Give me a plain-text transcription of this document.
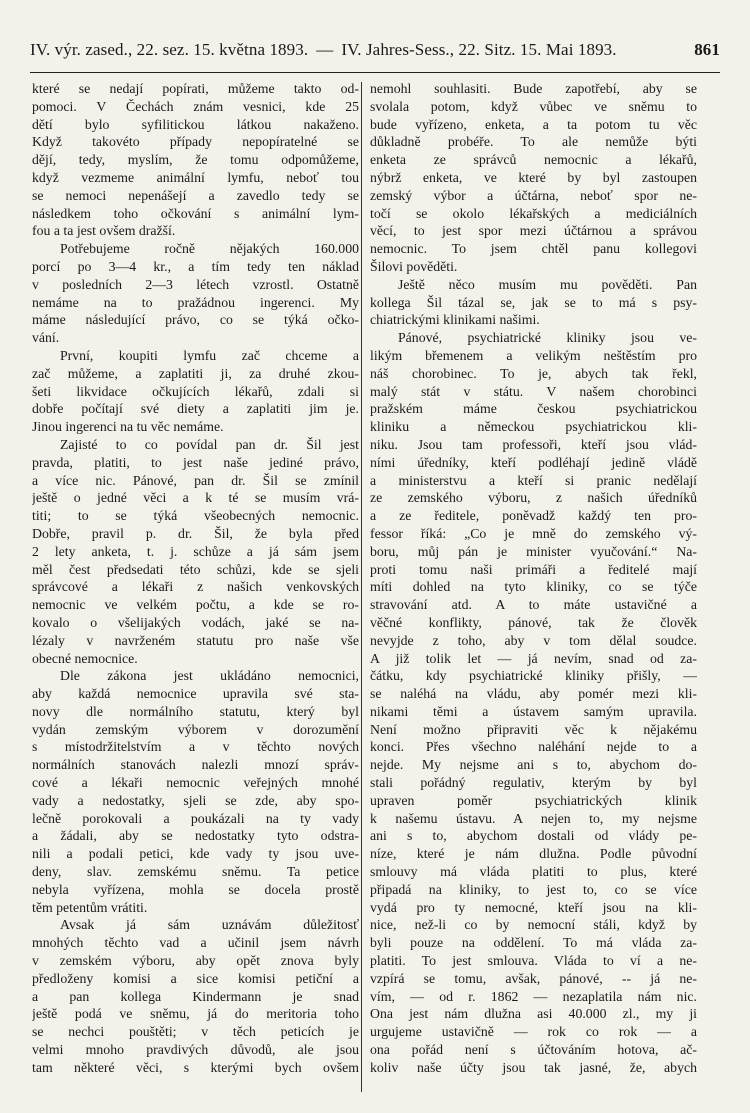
IV. výr. zased., 22. sez. 15. května 1893. — IV. Jahres-Sess., 22. Sitz. 15. Mai 1893.	861
které se nedají popírati, můžeme takto od-
pomoci. V Čechách znám vesnici, kde 25
dětí bylo syfilitickou látkou nakaženo.
Když takovéto případy nepopíratelné se
dějí, tedy, myslím, že tomu odpomůžeme,
když vezmeme animální lymfu, neboť tou
se nemoci nepenášejí a zavedlo tedy se
následkem toho očkování s animální lym-
fou a ta jest ovšem dražší.
Potřebujeme ročně nějakých 160.000
porcí po 3—4 kr., a tím tedy ten náklad
v posledních 2—3 létech vzrostl. Ostatně
nemáme na to pražádnou ingerenci. My
máme následující právo, co se týká očko-
vání.
První, koupiti lymfu zač chceme a
zač můžeme, a zaplatiti ji, za druhé zkou-
šeti likvidace očkujících lékařů, zdali si
dobře počítají své diety a zaplatiti jim je.
Jinou ingerenci na tu věc nemáme.
Zajisté to co povídal pan dr. Šil jest
pravda, platiti, to jest naše jediné právo,
a více nic. Pánové, pan dr. Šil se zmínil
ještě o jedné věci a k té se musím vrá-
titi; to se týká všeobecných nemocnic.
Dobře, pravil p. dr. Šil, že byla před
2 lety anketa, t. j. schůze a já sám jsem
měl čest předsedati této schůzi, kde se sjeli
správcové a lékaři z našich venkovských
nemocnic ve velkém počtu, a kde se ro-
kovalo o všelijakých vodách, jaké se na-
lézaly v navrženém statutu pro naše vše
obecné nemocnice.
Dle zákona jest ukládáno nemocnici,
aby každá nemocnice upravila své sta-
novy dle normálního statutu, který byl
vydán zemským výborem v dorozumění
s místodržitelstvím a v těchto nových
normálních stanovách nalezli mnozí správ-
cové a lékaři nemocnic veřejných mnohé
vady a nedostatky, sjeli se zde, aby spo-
lečně porokovali a poukázali na ty vady
a žádali, aby se nedostatky tyto odstra-
nili a podali petici, kde vady ty jsou uve-
deny, slav. zemskému sněmu. Ta petice
nebyla vyřízena, mohla se docela prostě
těm petentům vrátiti.
Avsak já sám uznávám důležitosť
mnohých těchto vad a učinil jsem návrh
v zemském výboru, aby opět znova byly
předloženy komisi a sice komisi petiční a
a pan kollega Kindermann je snad
ještě podá ve sněmu, já do meritoria toho
se nechci pouštěti; v těch peticích je
velmi mnoho pravdivých důvodů, ale jsou
tam některé věci, s kterými bych ovšem
nemohl souhlasiti. Bude zapotřebí, aby se
svolala potom, když vůbec ve sněmu to
bude vyřízeno, enketa, a ta potom tu věc
důkladně probéře. To ale nemůže býti
enketa ze správců nemocnic a lékařů,
nýbrž enketa, ve které by byl zastoupen
zemský výbor a účtárna, neboť spor ne-
točí se okolo lékařských a mediciálních
věcí, to jest spor mezi účtárnou a správou
nemocnic. To jsem chtěl panu kollegovi
Šilovi pověděti.
Ještě něco musím mu pověděti. Pan
kollega Šil tázal se, jak se to má s psy-
chiatrickými klinikami našimi.
Pánové, psychiatrické kliniky jsou ve-
likým břemenem a velikým neštěstím pro
náš chorobinec. To je, abych tak řekl,
malý stát v státu. V našem chorobinci
pražském máme českou psychiatrickou
kliniku a německou psychiatrickou kli-
niku. Jsou tam professoři, kteří jsou vlád-
ními úředníky, kteří podléhají jedině vládě
a ministerstvu a kteří si pranic nedělají
ze zemského výboru, z našich úředníků
a ze ředitele, poněvadž každý ten pro-
fessor říká: „Co je mně do zemského vý-
boru, můj pán je minister vyučování.“ Na-
proti tomu naši primáři a ředitelé mají
míti dohled na tyto kliniky, co se týče
stravování atd. A to máte ustavičné a
věčné konflikty, pánové, tak že člověk
nevyjde z toho, aby v tom dělal soudce.
A již tolik let — já nevím, snad od za-
čátku, kdy psychiatrické kliniky přišly, —
se naléhá na vládu, aby pomér mezi kli-
nikami těmi a ústavem samým upravila.
Není možno připraviti věc k nějakému
konci. Přes všechno naléhání nejde to a
nejde. My nejsme ani s to, abychom do-
stali pořádný regulativ, kterým by byl
upraven poměr psychiatrických klinik
k našemu ústavu. A nejen to, my nejsme
ani s to, abychom dostali od vlády pe-
níze, které je nám dlužna. Podle původní
smlouvy má vláda platiti to plus, které
připadá na kliniky, to jest to, co se více
vydá pro ty nemocné, kteří jsou na kli-
nice, než-li co by nemocní stáli, když by
byli pouze na oddělení. To má vláda za-
platiti. To jest smlouva. Vláda to ví a ne-
vzpírá se tomu, avšak, pánové, -- já ne-
vím, — od r. 1862 — nezaplatila nám nic.
Ona jest nám dlužna asi 40.000 zl., my ji
urgujeme ustavičně — rok co rok — a
ona pořád není s účtováním hotova, ač-
koliv naše účty jsou tak jasné, že, abych
